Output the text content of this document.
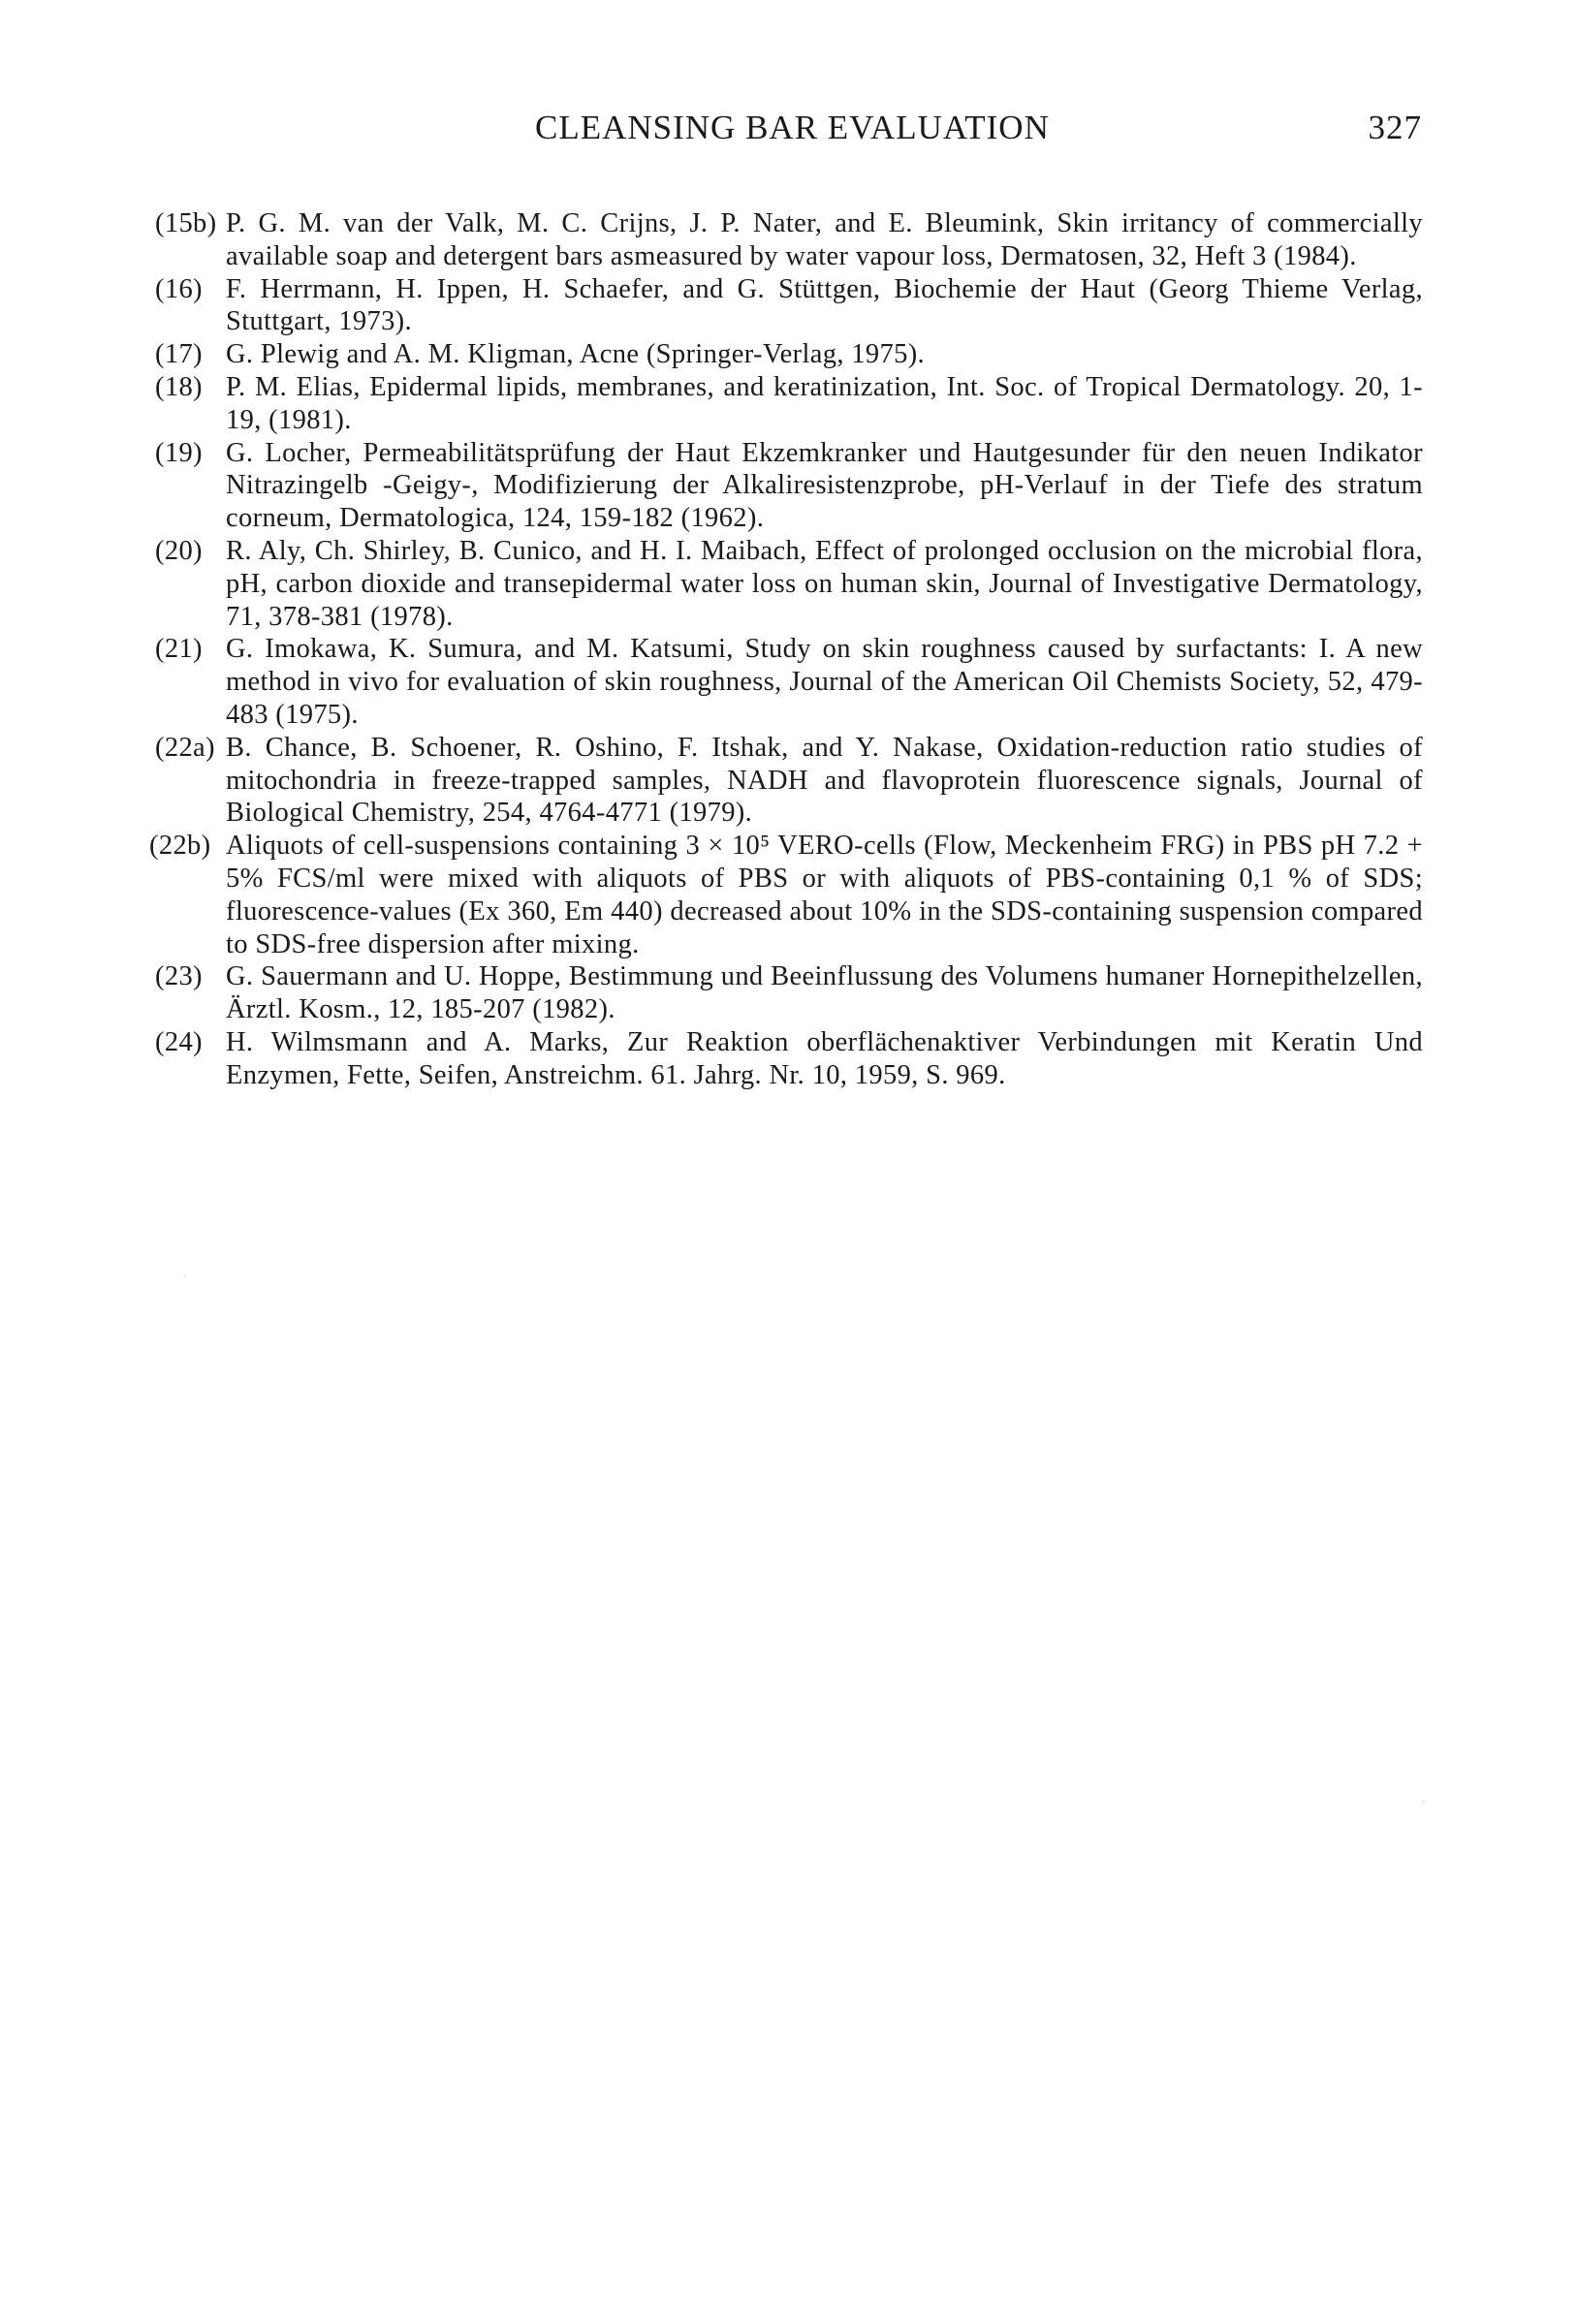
CLEANSING BAR EVALUATION	327
(15b) P. G. M. van der Valk, M. C. Crijns, J. P. Nater, and E. Bleumink, Skin irritancy of commercially available soap and detergent bars asmeasured by water vapour loss, Dermatosen, 32, Heft 3 (1984).
(16) F. Herrmann, H. Ippen, H. Schaefer, and G. Stüttgen, Biochemie der Haut (Georg Thieme Verlag, Stuttgart, 1973).
(17) G. Plewig and A. M. Kligman, Acne (Springer-Verlag, 1975).
(18) P. M. Elias, Epidermal lipids, membranes, and keratinization, Int. Soc. of Tropical Dermatology. 20, 1-19, (1981).
(19) G. Locher, Permeabilitätsprüfung der Haut Ekzemkranker und Hautgesunder für den neuen Indikator Nitrazingelb -Geigy-, Modifizierung der Alkaliresistenzprobe, pH-Verlauf in der Tiefe des stratum corneum, Dermatologica, 124, 159-182 (1962).
(20) R. Aly, Ch. Shirley, B. Cunico, and H. I. Maibach, Effect of prolonged occlusion on the microbial flora, pH, carbon dioxide and transepidermal water loss on human skin, Journal of Investigative Dermatology, 71, 378-381 (1978).
(21) G. Imokawa, K. Sumura, and M. Katsumi, Study on skin roughness caused by surfactants: I. A new method in vivo for evaluation of skin roughness, Journal of the American Oil Chemists Society, 52, 479-483 (1975).
(22a) B. Chance, B. Schoener, R. Oshino, F. Itshak, and Y. Nakase, Oxidation-reduction ratio studies of mitochondria in freeze-trapped samples, NADH and flavoprotein fluorescence signals, Journal of Biological Chemistry, 254, 4764-4771 (1979).
(22b) Aliquots of cell-suspensions containing 3 × 10⁵ VERO-cells (Flow, Meckenheim FRG) in PBS pH 7.2 + 5% FCS/ml were mixed with aliquots of PBS or with aliquots of PBS-containing 0,1 % of SDS; fluorescence-values (Ex 360, Em 440) decreased about 10% in the SDS-containing suspension compared to SDS-free dispersion after mixing.
(23) G. Sauermann and U. Hoppe, Bestimmung und Beeinflussung des Volumens humaner Hornepithelzellen, Ärztl. Kosm., 12, 185-207 (1982).
(24) H. Wilmsmann and A. Marks, Zur Reaktion oberflächenaktiver Verbindungen mit Keratin Und Enzymen, Fette, Seifen, Anstreichm. 61. Jahrg. Nr. 10, 1959, S. 969.
